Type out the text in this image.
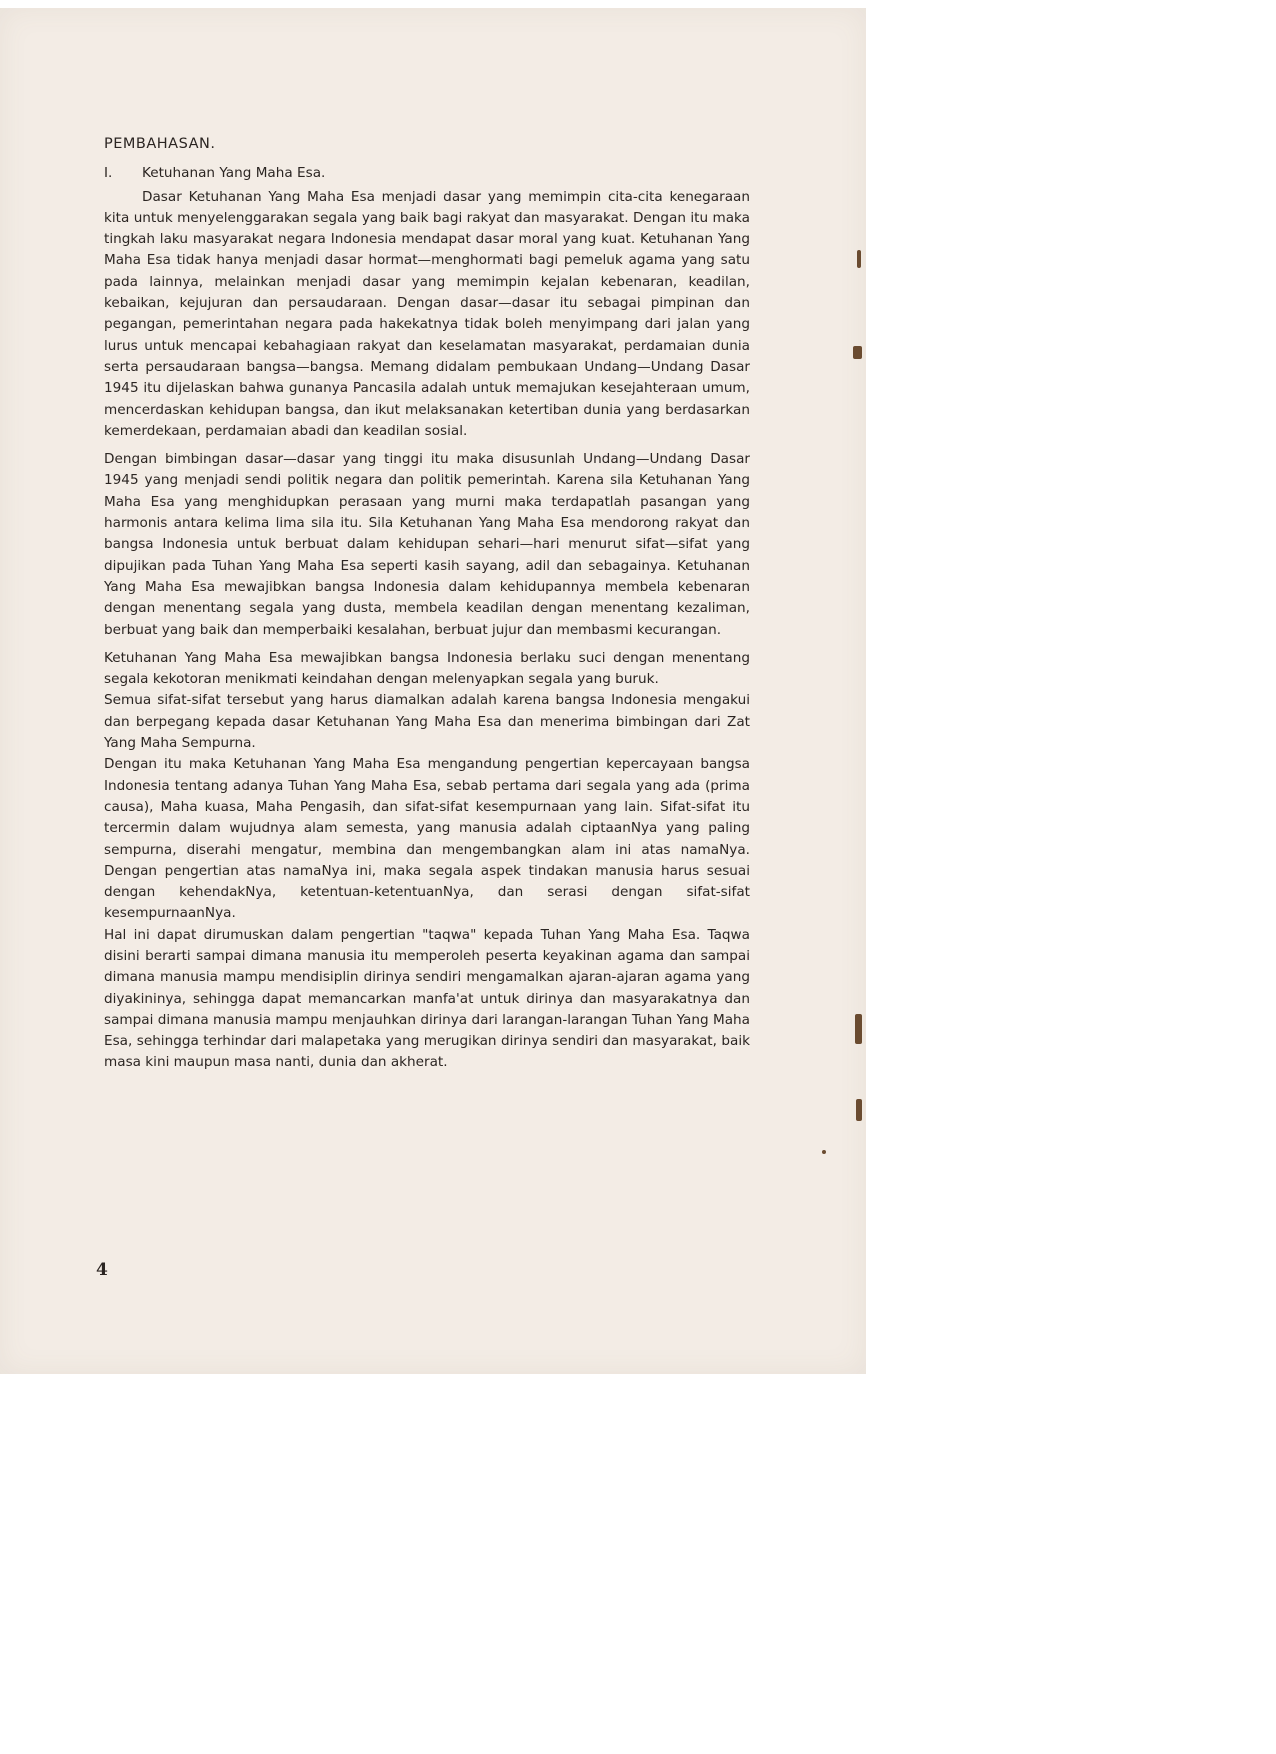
PEMBAHASAN.
I. Ketuhanan Yang Maha Esa.

Dasar Ketuhanan Yang Maha Esa menjadi dasar yang memimpin cita-cita kenegaraan kita untuk menyelenggarakan segala yang baik bagi rakyat dan masyarakat. Dengan itu maka tingkah laku masyarakat negara Indonesia mendapat dasar moral yang kuat. Ketuhanan Yang Maha Esa tidak hanya menjadi dasar hormat—menghormati bagi pemeluk agama yang satu pada lainnya, melainkan menjadi dasar yang memimpin kejalan kebenaran, keadilan, kebaikan, kejujuran dan persaudaraan. Dengan dasar—dasar itu sebagai pimpinan dan pegangan, pemerintahan negara pada hakekatnya tidak boleh menyimpang dari jalan yang lurus untuk mencapai kebahagiaan rakyat dan keselamatan masyarakat, perdamaian dunia serta persaudaraan bangsa—bangsa. Memang didalam pembukaan Undang—Undang Dasar 1945 itu dijelaskan bahwa gunanya Pancasila adalah untuk memajukan kesejahteraan umum, mencerdaskan kehidupan bangsa, dan ikut melaksanakan ketertiban dunia yang berdasarkan kemerdekaan, perdamaian abadi dan keadilan sosial.

Dengan bimbingan dasar—dasar yang tinggi itu maka disusunlah Undang—Undang Dasar 1945 yang menjadi sendi politik negara dan politik pemerintah. Karena sila Ketuhanan Yang Maha Esa yang menghidupkan perasaan yang murni maka terdapatlah pasangan yang harmonis antara kelima lima sila itu. Sila Ketuhanan Yang Maha Esa mendorong rakyat dan bangsa Indonesia untuk berbuat dalam kehidupan sehari—hari menurut sifat—sifat yang dipujikan pada Tuhan Yang Maha Esa seperti kasih sayang, adil dan sebagainya. Ketuhanan Yang Maha Esa mewajibkan bangsa Indonesia dalam kehidupannya membela kebenaran dengan menentang segala yang dusta, membela keadilan dengan menentang kezaliman, berbuat yang baik dan memperbaiki kesalahan, berbuat jujur dan membasmi kecurangan.

Ketuhanan Yang Maha Esa mewajibkan bangsa Indonesia berlaku suci dengan menentang segala kekotoran menikmati keindahan dengan melenyapkan segala yang buruk.

Semua sifat-sifat tersebut yang harus diamalkan adalah karena bangsa Indonesia mengakui dan berpegang kepada dasar Ketuhanan Yang Maha Esa dan menerima bimbingan dari Zat Yang Maha Sempurna.

Dengan itu maka Ketuhanan Yang Maha Esa mengandung pengertian kepercayaan bangsa Indonesia tentang adanya Tuhan Yang Maha Esa, sebab pertama dari segala yang ada (prima causa), Maha kuasa, Maha Pengasih, dan sifat-sifat kesempurnaan yang lain. Sifat-sifat itu tercermin dalam wujudnya alam semesta, yang manusia adalah ciptaanNya yang paling sempurna, diserahi mengatur, membina dan mengembangkan alam ini atas namaNya. Dengan pengertian atas namaNya ini, maka segala aspek tindakan manusia harus sesuai dengan kehendakNya, ketentuan-ketentuanNya, dan serasi dengan sifat-sifat kesempurnaanNya.

Hal ini dapat dirumuskan dalam pengertian "taqwa" kepada Tuhan Yang Maha Esa. Taqwa disini berarti sampai dimana manusia itu memperoleh peserta keyakinan agama dan sampai dimana manusia mampu mendisiplin dirinya sendiri mengamalkan ajaran-ajaran agama yang diyakininya, sehingga dapat memancarkan manfa'at untuk dirinya dan masyarakatnya dan sampai dimana manusia mampu menjauhkan dirinya dari larangan-larangan Tuhan Yang Maha Esa, sehingga terhindar dari malapetaka yang merugikan dirinya sendiri dan masyarakat, baik masa kini maupun masa nanti, dunia dan akherat.

4
